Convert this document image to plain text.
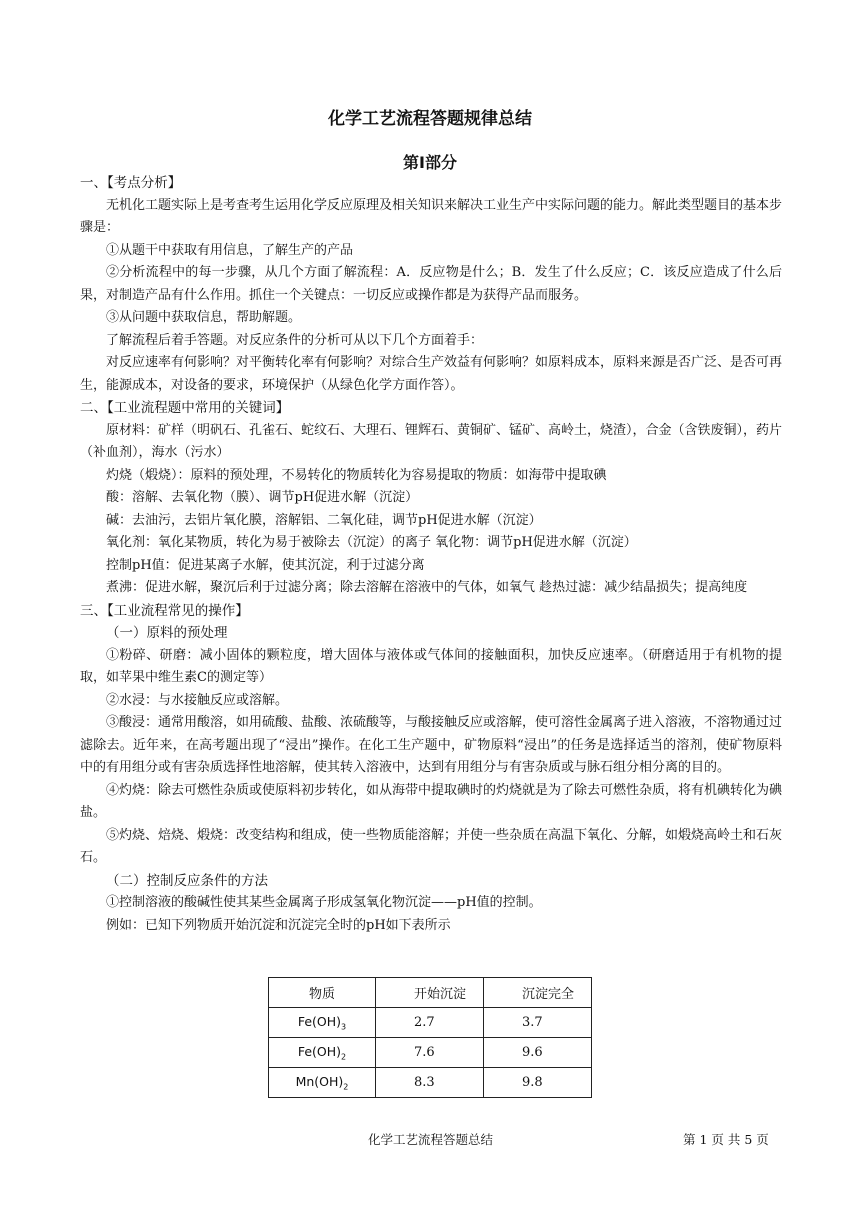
化学工艺流程答题规律总结
第Ⅰ部分

一、【考点分析】

无机化工题实际上是考查考生运用化学反应原理及相关知识来解决工业生产中实际问题的能力。解此类型题目的基本步骤是：

①从题干中获取有用信息，了解生产的产品

②分析流程中的每一步骤，从几个方面了解流程：A．反应物是什么；B．发生了什么反应；C．该反应造成了什么后果，对制造产品有什么作用。抓住一个关键点：一切反应或操作都是为获得产品而服务。

③从问题中获取信息，帮助解题。

了解流程后着手答题。对反应条件的分析可从以下几个方面着手：

对反应速率有何影响？对平衡转化率有何影响？对综合生产效益有何影响？如原料成本，原料来源是否广泛、是否可再生，能源成本，对设备的要求，环境保护（从绿色化学方面作答）。

二、【工业流程题中常用的关键词】

原材料：矿样（明矾石、孔雀石、蛇纹石、大理石、锂辉石、黄铜矿、锰矿、高岭土，烧渣），合金（含铁废铜），药片（补血剂），海水（污水）

灼烧（煅烧）：原料的预处理，不易转化的物质转化为容易提取的物质：如海带中提取碘

酸：溶解、去氧化物（膜）、调节pH促进水解（沉淀）

碱：去油污，去铝片氧化膜，溶解铝、二氧化硅，调节pH促进水解（沉淀）

氧化剂：氧化某物质，转化为易于被除去（沉淀）的离子 氧化物：调节pH促进水解（沉淀）

控制pH值：促进某离子水解，使其沉淀，利于过滤分离

煮沸：促进水解，聚沉后利于过滤分离；除去溶解在溶液中的气体，如氧气 趁热过滤：减少结晶损失；提高纯度

三、【工业流程常见的操作】

（一）原料的预处理

①粉碎、研磨：减小固体的颗粒度，增大固体与液体或气体间的接触面积，加快反应速率。（研磨适用于有机物的提取，如苹果中维生素C的测定等）

②水浸：与水接触反应或溶解。

③酸浸：通常用酸溶，如用硫酸、盐酸、浓硫酸等，与酸接触反应或溶解，使可溶性金属离子进入溶液，不溶物通过过滤除去。近年来，在高考题出现了“浸出”操作。在化工生产题中，矿物原料“浸出”的任务是选择适当的溶剂，使矿物原料中的有用组分或有害杂质选择性地溶解，使其转入溶液中，达到有用组分与有害杂质或与脉石组分相分离的目的。

④灼烧：除去可燃性杂质或使原料初步转化，如从海带中提取碘时的灼烧就是为了除去可燃性杂质，将有机碘转化为碘盐。

⑤灼烧、焙烧、煅烧：改变结构和组成，使一些物质能溶解；并使一些杂质在高温下氧化、分解，如煅烧高岭土和石灰石。

（二）控制反应条件的方法

①控制溶液的酸碱性使其某些金属离子形成氢氧化物沉淀——pH值的控制。

例如：已知下列物质开始沉淀和沉淀完全时的pH如下表所示

物质	开始沉淀	沉淀完全
$Fe(OH)_3$	2.7	3.7
$Fe(OH)_2$	7.6	9.6
$Mn(OH)_2$	8.3	9.8
化学工艺流程答题总结	第 1 页 共 5 页
